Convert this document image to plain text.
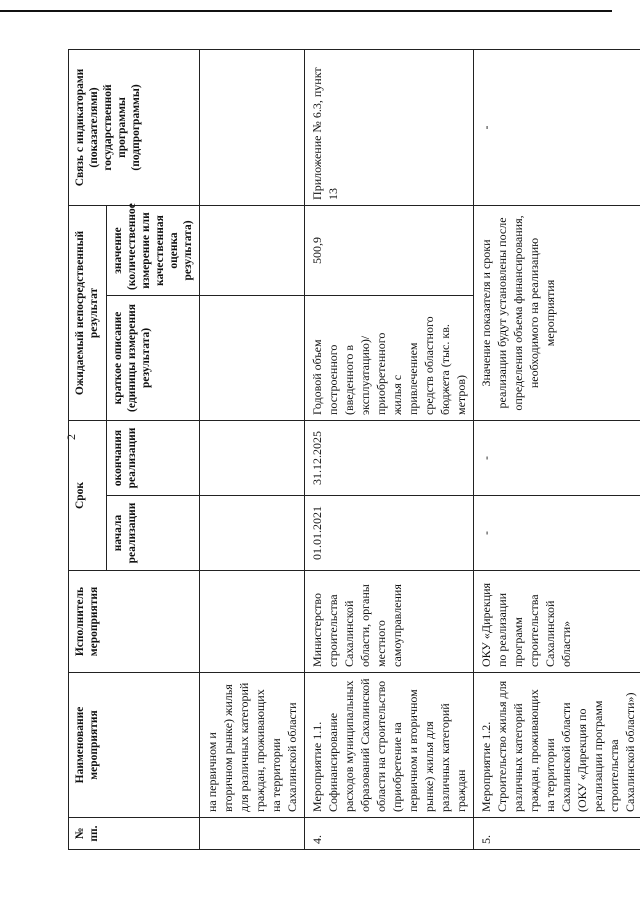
2
№ пп.	Наименование мероприятия	Исполнитель мероприятия	Срок		Ожидаемый непосредственный результат		Связь с индикаторами (показателями) государственной программы (подпрограммы)
			начала реализации	окончания реализации	краткое описание (единицы измерения результата)	значение (количественное измерение или качественная оценка результата)	
	на первичном и вторичном рынке) жилья для различных категорий граждан, проживающих на территории Сахалинской области						
4.	Мероприятие 1.1. Софинансирование расходов муниципальных образований Сахалинской области на строительство (приобретение на первичном и вторичном рынке) жилья для различных категорий граждан	Министерство строительства Сахалинской области, органы местного самоуправления	01.01.2021	31.12.2025	Годовой объем построенного (введенного в эксплуатацию)/приобретенного жилья с привлечением средств областного бюджета (тыс. кв. метров)	500,9	Приложение № 6.3, пункт 13
5.	Мероприятие 1.2. Строительство жилья для различных категорий граждан, проживающих на территории Сахалинской области (ОКУ «Дирекция по реализации программ строительства Сахалинской области»)	ОКУ «Дирекция по реализации программ строительства Сахалинской области»	-	-	Значение показателя и сроки реализации будут установлены после определения объема финансирования, необходимого на реализацию мероприятия		-
